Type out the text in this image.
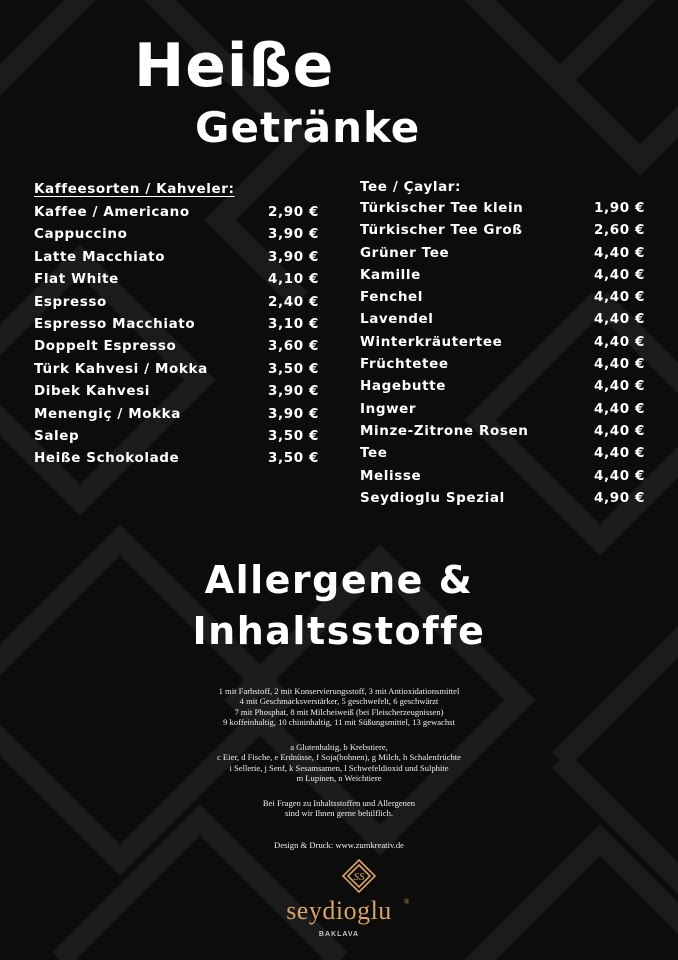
Heiße
Getränke
Kaffeesorten / Kahveler:
Kaffee / Americano	2,90 €
Cappuccino	3,90 €
Latte Macchiato	3,90 €
Flat White	4,10 €
Espresso	2,40 €
Espresso Macchiato	3,10 €
Doppelt Espresso	3,60 €
Türk Kahvesi / Mokka	3,50 €
Dibek Kahvesi	3,90 €
Menengiç / Mokka	3,90 €
Salep	3,50 €
Heiße Schokolade	3,50 €
Tee / Çaylar:
Türkischer Tee klein	1,90 €
Türkischer Tee Groß	2,60 €
Grüner Tee	4,40 €
Kamille	4,40 €
Fenchel	4,40 €
Lavendel	4,40 €
Winterkräutertee	4,40 €
Früchtetee	4,40 €
Hagebutte	4,40 €
Ingwer	4,40 €
Minze-Zitrone Rosen	4,40 €
Tee	4,40 €
Melisse	4,40 €
Seydioglu Spezial	4,90 €
Allergene &
Inhaltsstoffe

1 mit Farbstoff, 2 mit Konservierungsstoff, 3 mit Antioxidationsmittel

4 mit Geschmacksverstärker, 5 geschwefelt, 6 geschwärzt

7 mit Phosphat, 8 mit Milcheiweiß (bei Fleischerzeugnissen)

9 koffeinhaltig, 10 chininhaltig, 11 mit Süßungsmittel, 13 gewachst

a Glutenhaltig, b Krebstiere,

c Eier, d Fische, e Erdnüsse, f Soja(bohnen), g Milch, h Schalenfrüchte

i Sellerie, j Senf, k Sesamsamen, l Schwefeldioxid und Sulphite

m Lupinen, n Weichtiere

Bei Fragen zu Inhaltsstoffen und Allergenen

sind wir Ihnen gerne behilflich.

Design & Druck: www.zumkreativ.de

SS
seydioglu	®
BAKLAVA
